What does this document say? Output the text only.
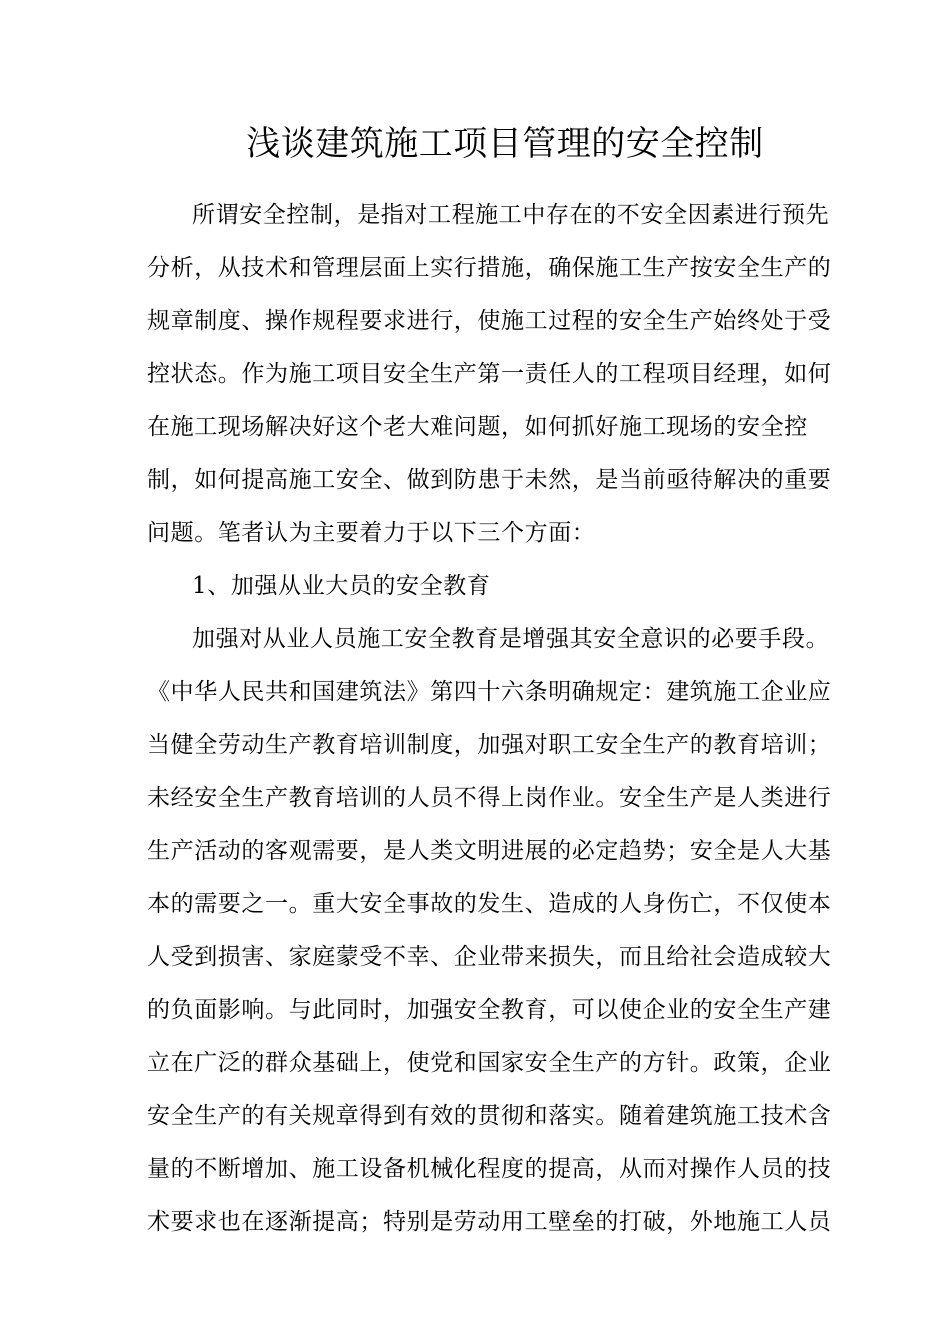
浅谈建筑施工项目管理的安全控制
所谓安全控制，是指对工程施工中存在的不安全因素进行预先
分析，从技术和管理层面上实行措施，确保施工生产按安全生产的
规章制度、操作规程要求进行，使施工过程的安全生产始终处于受
控状态。作为施工项目安全生产第一责任人的工程项目经理，如何
在施工现场解决好这个老大难问题，如何抓好施工现场的安全控
制，如何提高施工安全、做到防患于未然，是当前亟待解决的重要
问题。笔者认为主要着力于以下三个方面：
1、加强从业大员的安全教育
加强对从业人员施工安全教育是增强其安全意识的必要手段。
《中华人民共和国建筑法》第四十六条明确规定：建筑施工企业应
当健全劳动生产教育培训制度，加强对职工安全生产的教育培训；
未经安全生产教育培训的人员不得上岗作业。安全生产是人类进行
生产活动的客观需要，是人类文明进展的必定趋势；安全是人大基
本的需要之一。重大安全事故的发生、造成的人身伤亡，不仅使本
人受到损害、家庭蒙受不幸、企业带来损失，而且给社会造成较大
的负面影响。与此同时，加强安全教育，可以使企业的安全生产建
立在广泛的群众基础上，使党和国家安全生产的方针。政策，企业
安全生产的有关规章得到有效的贯彻和落实。随着建筑施工技术含
量的不断增加、施工设备机械化程度的提高，从而对操作人员的技
术要求也在逐渐提高；特别是劳动用工壁垒的打破，外地施工人员
